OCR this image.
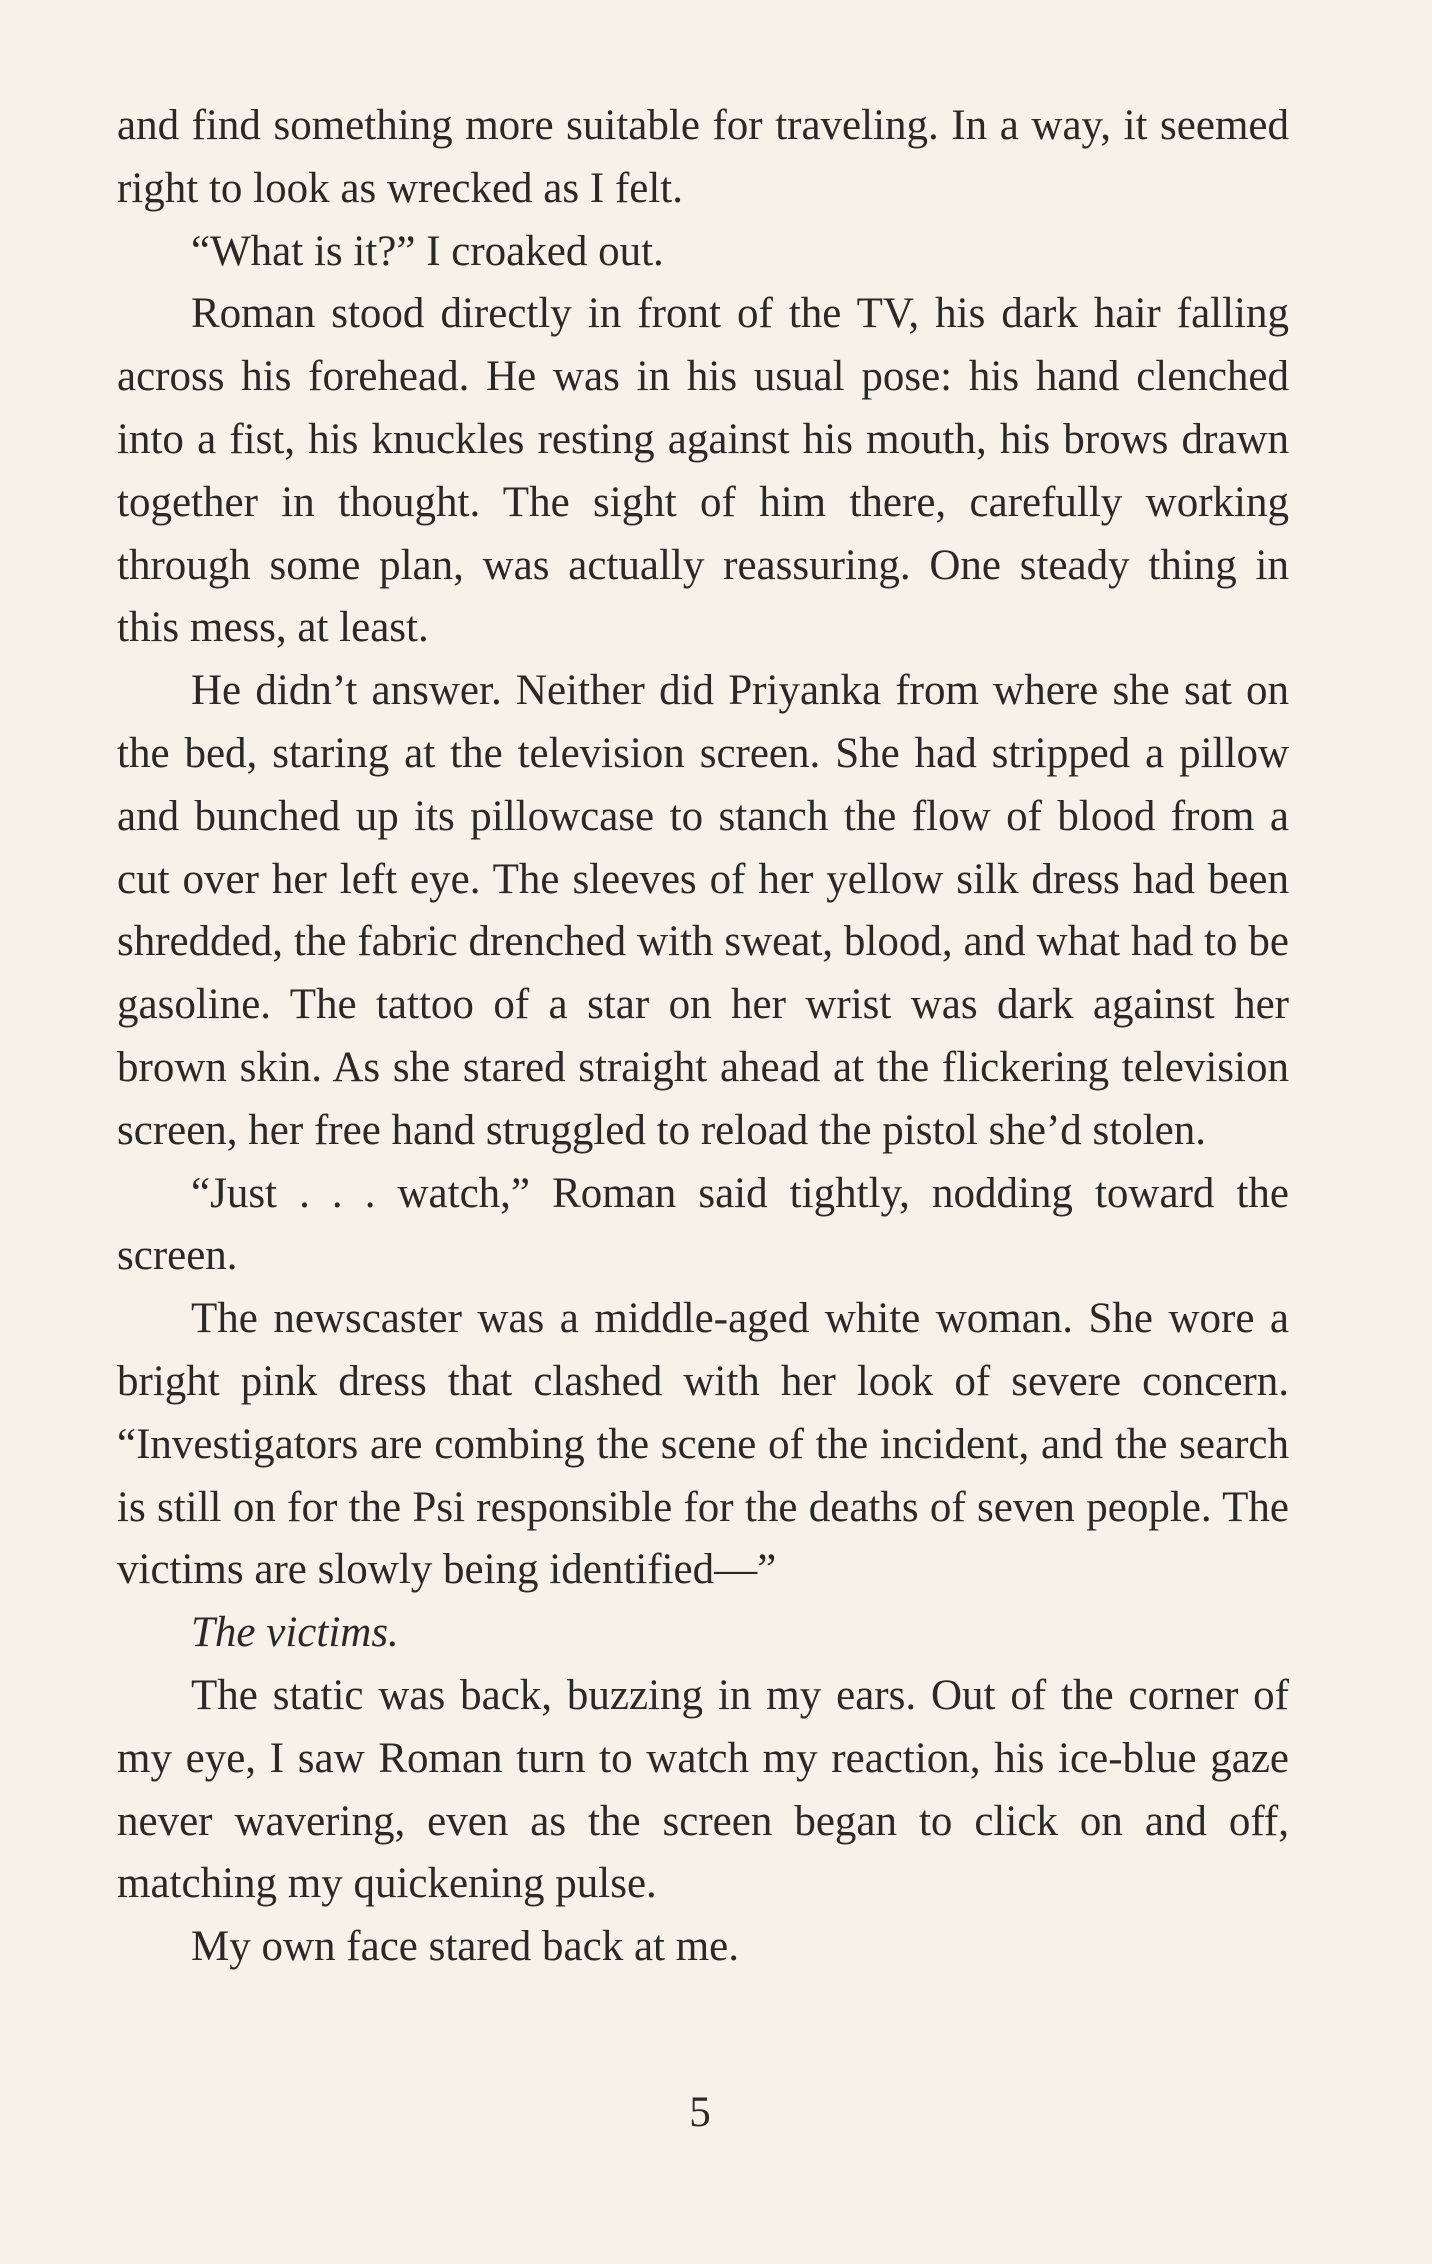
and find something more suitable for traveling. In a way, it seemed right to look as wrecked as I felt.

“What is it?” I croaked out.

Roman stood directly in front of the TV, his dark hair falling across his forehead. He was in his usual pose: his hand clenched into a fist, his knuckles resting against his mouth, his brows drawn together in thought. The sight of him there, carefully working through some plan, was actually reassuring. One steady thing in this mess, at least.

He didn’t answer. Neither did Priyanka from where she sat on the bed, staring at the television screen. She had stripped a pillow and bunched up its pillowcase to stanch the flow of blood from a cut over her left eye. The sleeves of her yellow silk dress had been shredded, the fabric drenched with sweat, blood, and what had to be gasoline. The tattoo of a star on her wrist was dark against her brown skin. As she stared straight ahead at the flickering television screen, her free hand struggled to reload the pistol she’d stolen.

“Just . . . watch,” Roman said tightly, nodding toward the screen.

The newscaster was a middle-aged white woman. She wore a bright pink dress that clashed with her look of severe concern. “Investigators are combing the scene of the incident, and the search is still on for the Psi responsible for the deaths of seven people. The victims are slowly being identified—”

The victims.

The static was back, buzzing in my ears. Out of the corner of my eye, I saw Roman turn to watch my reaction, his ice-blue gaze never wavering, even as the screen began to click on and off, matching my quickening pulse.

My own face stared back at me.

5
